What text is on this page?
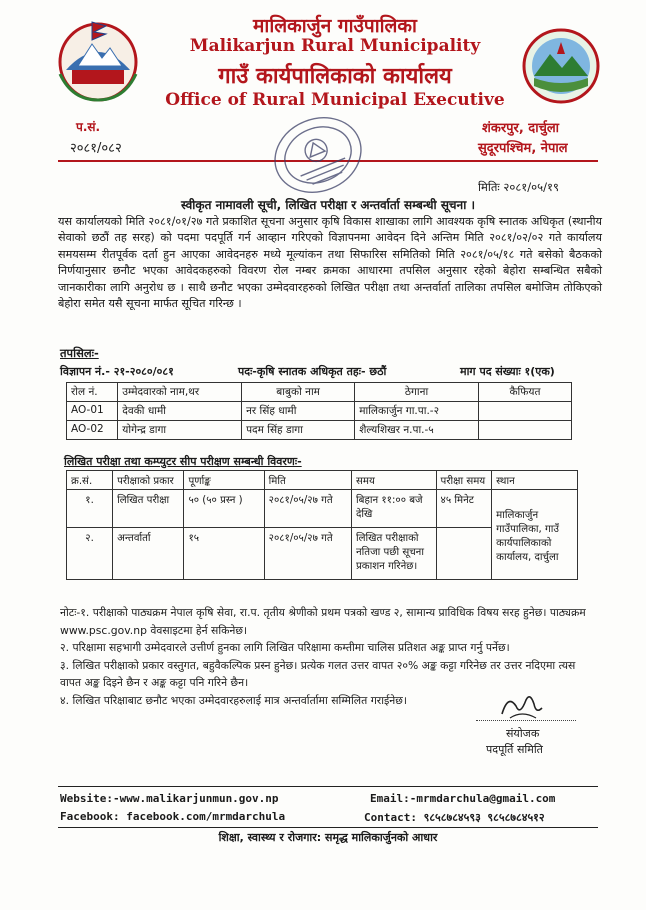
मालिकार्जुन गाउँपालिका
Malikarjun Rural Municipality
गाउँ कार्यपालिकाको कार्यालय
Office of Rural Municipal Executive
प.सं.
२०८१/०८२
शंकरपुर, दार्चुला
सुदूरपश्चिम, नेपाल
मितिः २०८१/०५/१९
स्वीकृत नामावली सूची, लिखित परीक्षा र अन्तर्वार्ता सम्बन्धी सूचना ।
यस कार्यालयको मिति २०८१/०१/२७ गते प्रकाशित सूचना अनुसार कृषि विकास शाखाका लागि आवश्यक कृषि स्नातक अधिकृत (स्थानीय सेवाको छठौं तह सरह) को पदमा पदपूर्ति गर्न आव्हान गरिएको विज्ञापनमा आवेदन दिने अन्तिम मिति २०८१/०२/०२ गते कार्यालय समयसम्म रीतपूर्वक दर्ता हुन आएका आवेदनहरु मध्ये मूल्यांकन तथा सिफारिस समितिको मिति २०८१/०५/१८ गते बसेको बैठकको निर्णयानुसार छनौट भएका आवेदकहरुको विवरण रोल नम्बर क्रमका आधारमा तपसिल अनुसार रहेको बेहोरा सम्बन्धित सबैको जानकारीका लागि अनुरोध छ । साथै छनौट भएका उम्मेदवारहरुको लिखित परीक्षा तथा अन्तर्वार्ता तालिका तपसिल बमोजिम तोकिएको बेहोरा समेत यसै सूचना मार्फत सूचित गरिन्छ ।
तपसिलः-
विज्ञापन नं.- २१-२०८०/०८१	पदः-कृषि स्नातक अधिकृत तहः- छठौं	माग पद संख्याः १(एक)
रोल नं.	उम्मेदवारको नाम,थर	बाबुको नाम	ठेगाना	कैफियत
AO-01	देवकी धामी	नर सिंह धामी	मालिकार्जुन गा.पा.-२	
AO-02	योगेन्द्र डागा	पदम सिंह डागा	शैल्यशिखर न.पा.-५	
लिखित परीक्षा तथा कम्प्युटर सीप परीक्षण सम्बन्धी विवरणः-
क्र.सं.	परीक्षाको प्रकार	पूर्णाङ्क	मिति	समय	परीक्षा समय	स्थान
१.	लिखित परीक्षा	५० (५० प्रस्न )	२०८१/०५/२७ गते	बिहान ११:०० बजे देखि	४५ मिनेट	मालिकार्जुन गाउँपालिका, गाउँ कार्यपालिकाको कार्यालय, दार्चुला
२.	अन्तर्वार्ता	१५	२०८१/०५/२७ गते	लिखित परीक्षाको नतिजा पछी सूचना प्रकाशन गरिनेछ।		

नोटः-१. परीक्षाको पाठ्यक्रम नेपाल कृषि सेवा, रा.प. तृतीय श्रेणीको प्रथम पत्रको खण्ड २, सामान्य प्राविधिक विषय सरह हुनेछ। पाठ्यक्रम www.psc.gov.np वेवसाइटमा हेर्न सकिनेछ।

२. परिक्षामा सहभागी उम्मेदवारले उत्तीर्ण हुनका लागि लिखित परिक्षामा कम्तीमा चालिस प्रतिशत अङ्क प्राप्त गर्नु पर्नेछ।

३. लिखित परीक्षाको प्रकार वस्तुगत, बहुवैकल्पिक प्रस्न हुनेछ। प्रत्येक गलत उत्तर वापत २०% अङ्क कट्टा गरिनेछ तर उत्तर नदिएमा त्यस वापत अङ्क दिइने छैन र अङ्क कट्टा पनि गरिने छैन।

४. लिखित परिक्षाबाट छनौट भएका उम्मेदवारहरुलाई मात्र अन्तर्वार्तामा सम्मिलित गराईनेछ।

संयोजक
पदपूर्ति समिति
Website:-www.malikarjunmun.gov.np
Facebook: facebook.com/mrmdarchula
Email:-mrmdarchula@gmail.com
Contact: ९८५८७८४५९३ ९८५८७८४५१२
शिक्षा, स्वास्थ्य र रोजगार: समृद्ध मालिकार्जुनको आधार
